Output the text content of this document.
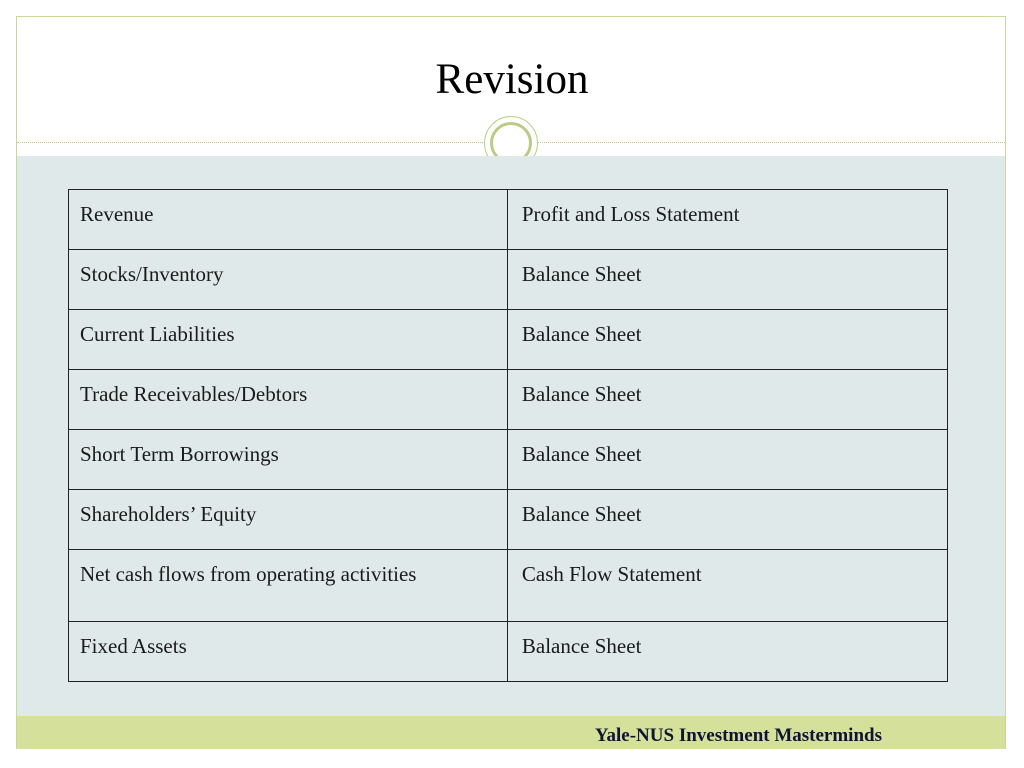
Revision
Revenue	Profit and Loss Statement
Stocks/Inventory	Balance Sheet
Current Liabilities	Balance Sheet
Trade Receivables/Debtors	Balance Sheet
Short Term Borrowings	Balance Sheet
Shareholders’ Equity	Balance Sheet
Net cash flows from operating activities	Cash Flow Statement
Fixed Assets	Balance Sheet
Yale-NUS Investment Masterminds
